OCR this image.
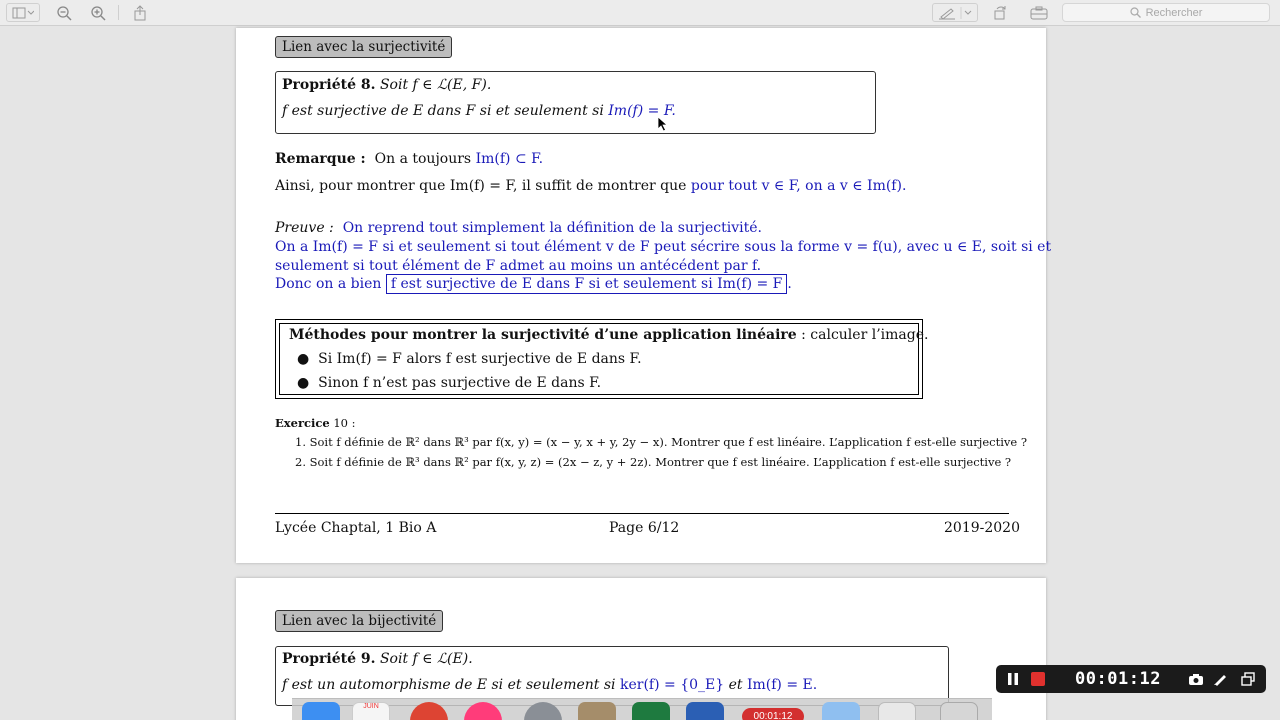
Rechercher
Lien avec la surjectivité
Propriété 8. Soit f ∈ ℒ(E, F).
f est surjective de E dans F si et seulement si Im(f) = F.
Remarque : On a toujours Im(f) ⊂ F.
Ainsi, pour montrer que Im(f) = F, il suffit de montrer que pour tout v ∈ F, on a v ∈ Im(f).
Preuve : On reprend tout simplement la définition de la surjectivité.
On a Im(f) = F si et seulement si tout élément v de F peut sécrire sous la forme v = f(u), avec u ∈ E, soit si et
seulement si tout élément de F admet au moins un antécédent par f.
Donc on a bien f est surjective de E dans F si et seulement si Im(f) = F .
Méthodes pour montrer la surjectivité d’une application linéaire : calculer l’image.
● Si Im(f) = F alors f est surjective de E dans F.
● Sinon f n’est pas surjective de E dans F.
Exercice 10 :
1. Soit f définie de ℝ² dans ℝ³ par f(x, y) = (x − y, x + y, 2y − x). Montrer que f est linéaire. L’application f est-elle surjective ?
2. Soit f définie de ℝ³ dans ℝ² par f(x, y, z) = (2x − z, y + 2z). Montrer que f est linéaire. L’application f est-elle surjective ?
Lycée Chaptal, 1 Bio A	Page 6/12	2019-2020
Lien avec la bijectivité
Propriété 9. Soit f ∈ ℒ(E).
f est un automorphisme de E si et seulement si ker(f) = {0_E} et Im(f) = E.
JUIN
00:01:12
00:01:12
